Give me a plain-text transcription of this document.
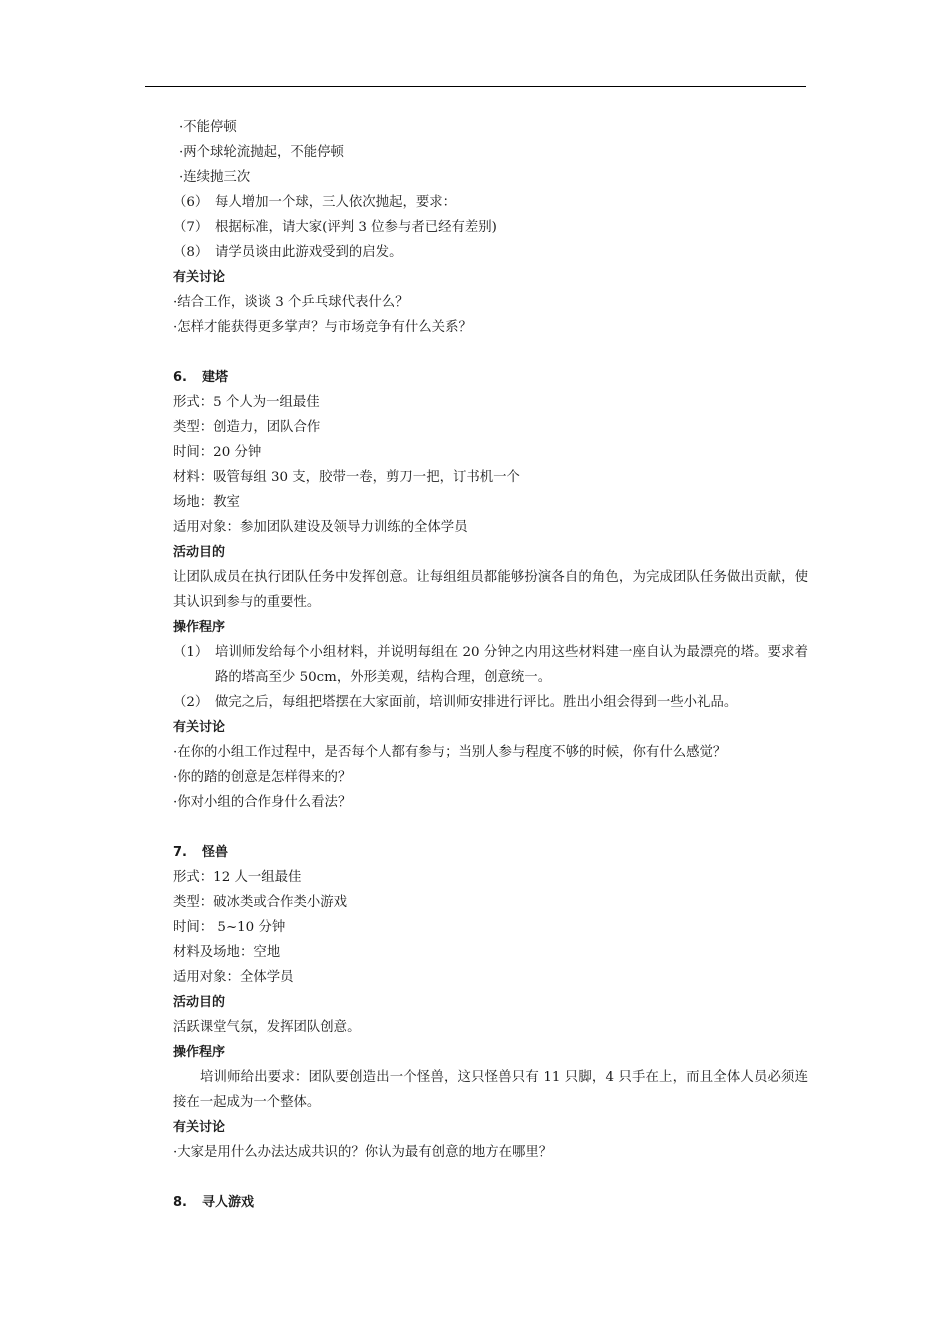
·不能停顿
·两个球轮流抛起，不能停顿
·连续抛三次
（6） 每人增加一个球，三人依次抛起，要求：
（7） 根据标准，请大家(评判 3 位参与者已经有差别)
（8） 请学员谈由此游戏受到的启发。
有关讨论
·结合工作，谈谈 3 个乒乓球代表什么？
·怎样才能获得更多掌声？与市场竞争有什么关系？
6. 建塔
形式：5 个人为一组最佳
类型：创造力，团队合作
时间：20 分钟
材料：吸管每组 30 支，胶带一卷，剪刀一把，订书机一个
场地：教室
适用对象：参加团队建设及领导力训练的全体学员
活动目的
让团队成员在执行团队任务中发挥创意。让每组组员都能够扮演各自的角色，为完成团队任务做出贡献，使其认识到参与的重要性。
操作程序
（1） 培训师发给每个小组材料，并说明每组在 20 分钟之内用这些材料建一座自认为最漂亮的塔。要求着路的塔高至少 50cm，外形美观，结构合理，创意统一。
（2） 做完之后，每组把塔摆在大家面前，培训师安排进行评比。胜出小组会得到一些小礼品。
有关讨论
·在你的小组工作过程中，是否每个人都有参与；当别人参与程度不够的时候，你有什么感觉？
·你的踏的创意是怎样得来的？
·你对小组的合作身什么看法？
7. 怪兽
形式：12 人一组最佳
类型：破冰类或合作类小游戏
时间： 5~10 分钟
材料及场地：空地
适用对象：全体学员
活动目的
活跃课堂气氛，发挥团队创意。
操作程序
培训师给出要求：团队要创造出一个怪兽，这只怪兽只有 11 只脚，4 只手在上，而且全体人员必须连接在一起成为一个整体。
有关讨论
·大家是用什么办法达成共识的？你认为最有创意的地方在哪里？
8. 寻人游戏
